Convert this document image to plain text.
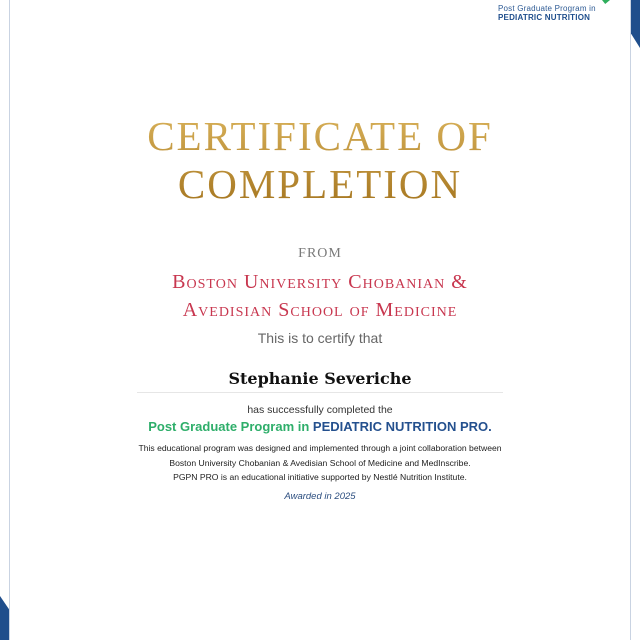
Post Graduate Program in
PEDIATRIC NUTRITION
CERTIFICATE OF
COMPLETION
FROM
Boston University Chobanian &
Avedisian School of Medicine
This is to certify that
Stephanie Severiche
has successfully completed the
Post Graduate Program in PEDIATRIC NUTRITION PRO.
This educational program was designed and implemented through a joint collaboration between
Boston University Chobanian & Avedisian School of Medicine and MedInscribe.
PGPN PRO is an educational initiative supported by Nestlé Nutrition Institute.
Awarded in 2025
